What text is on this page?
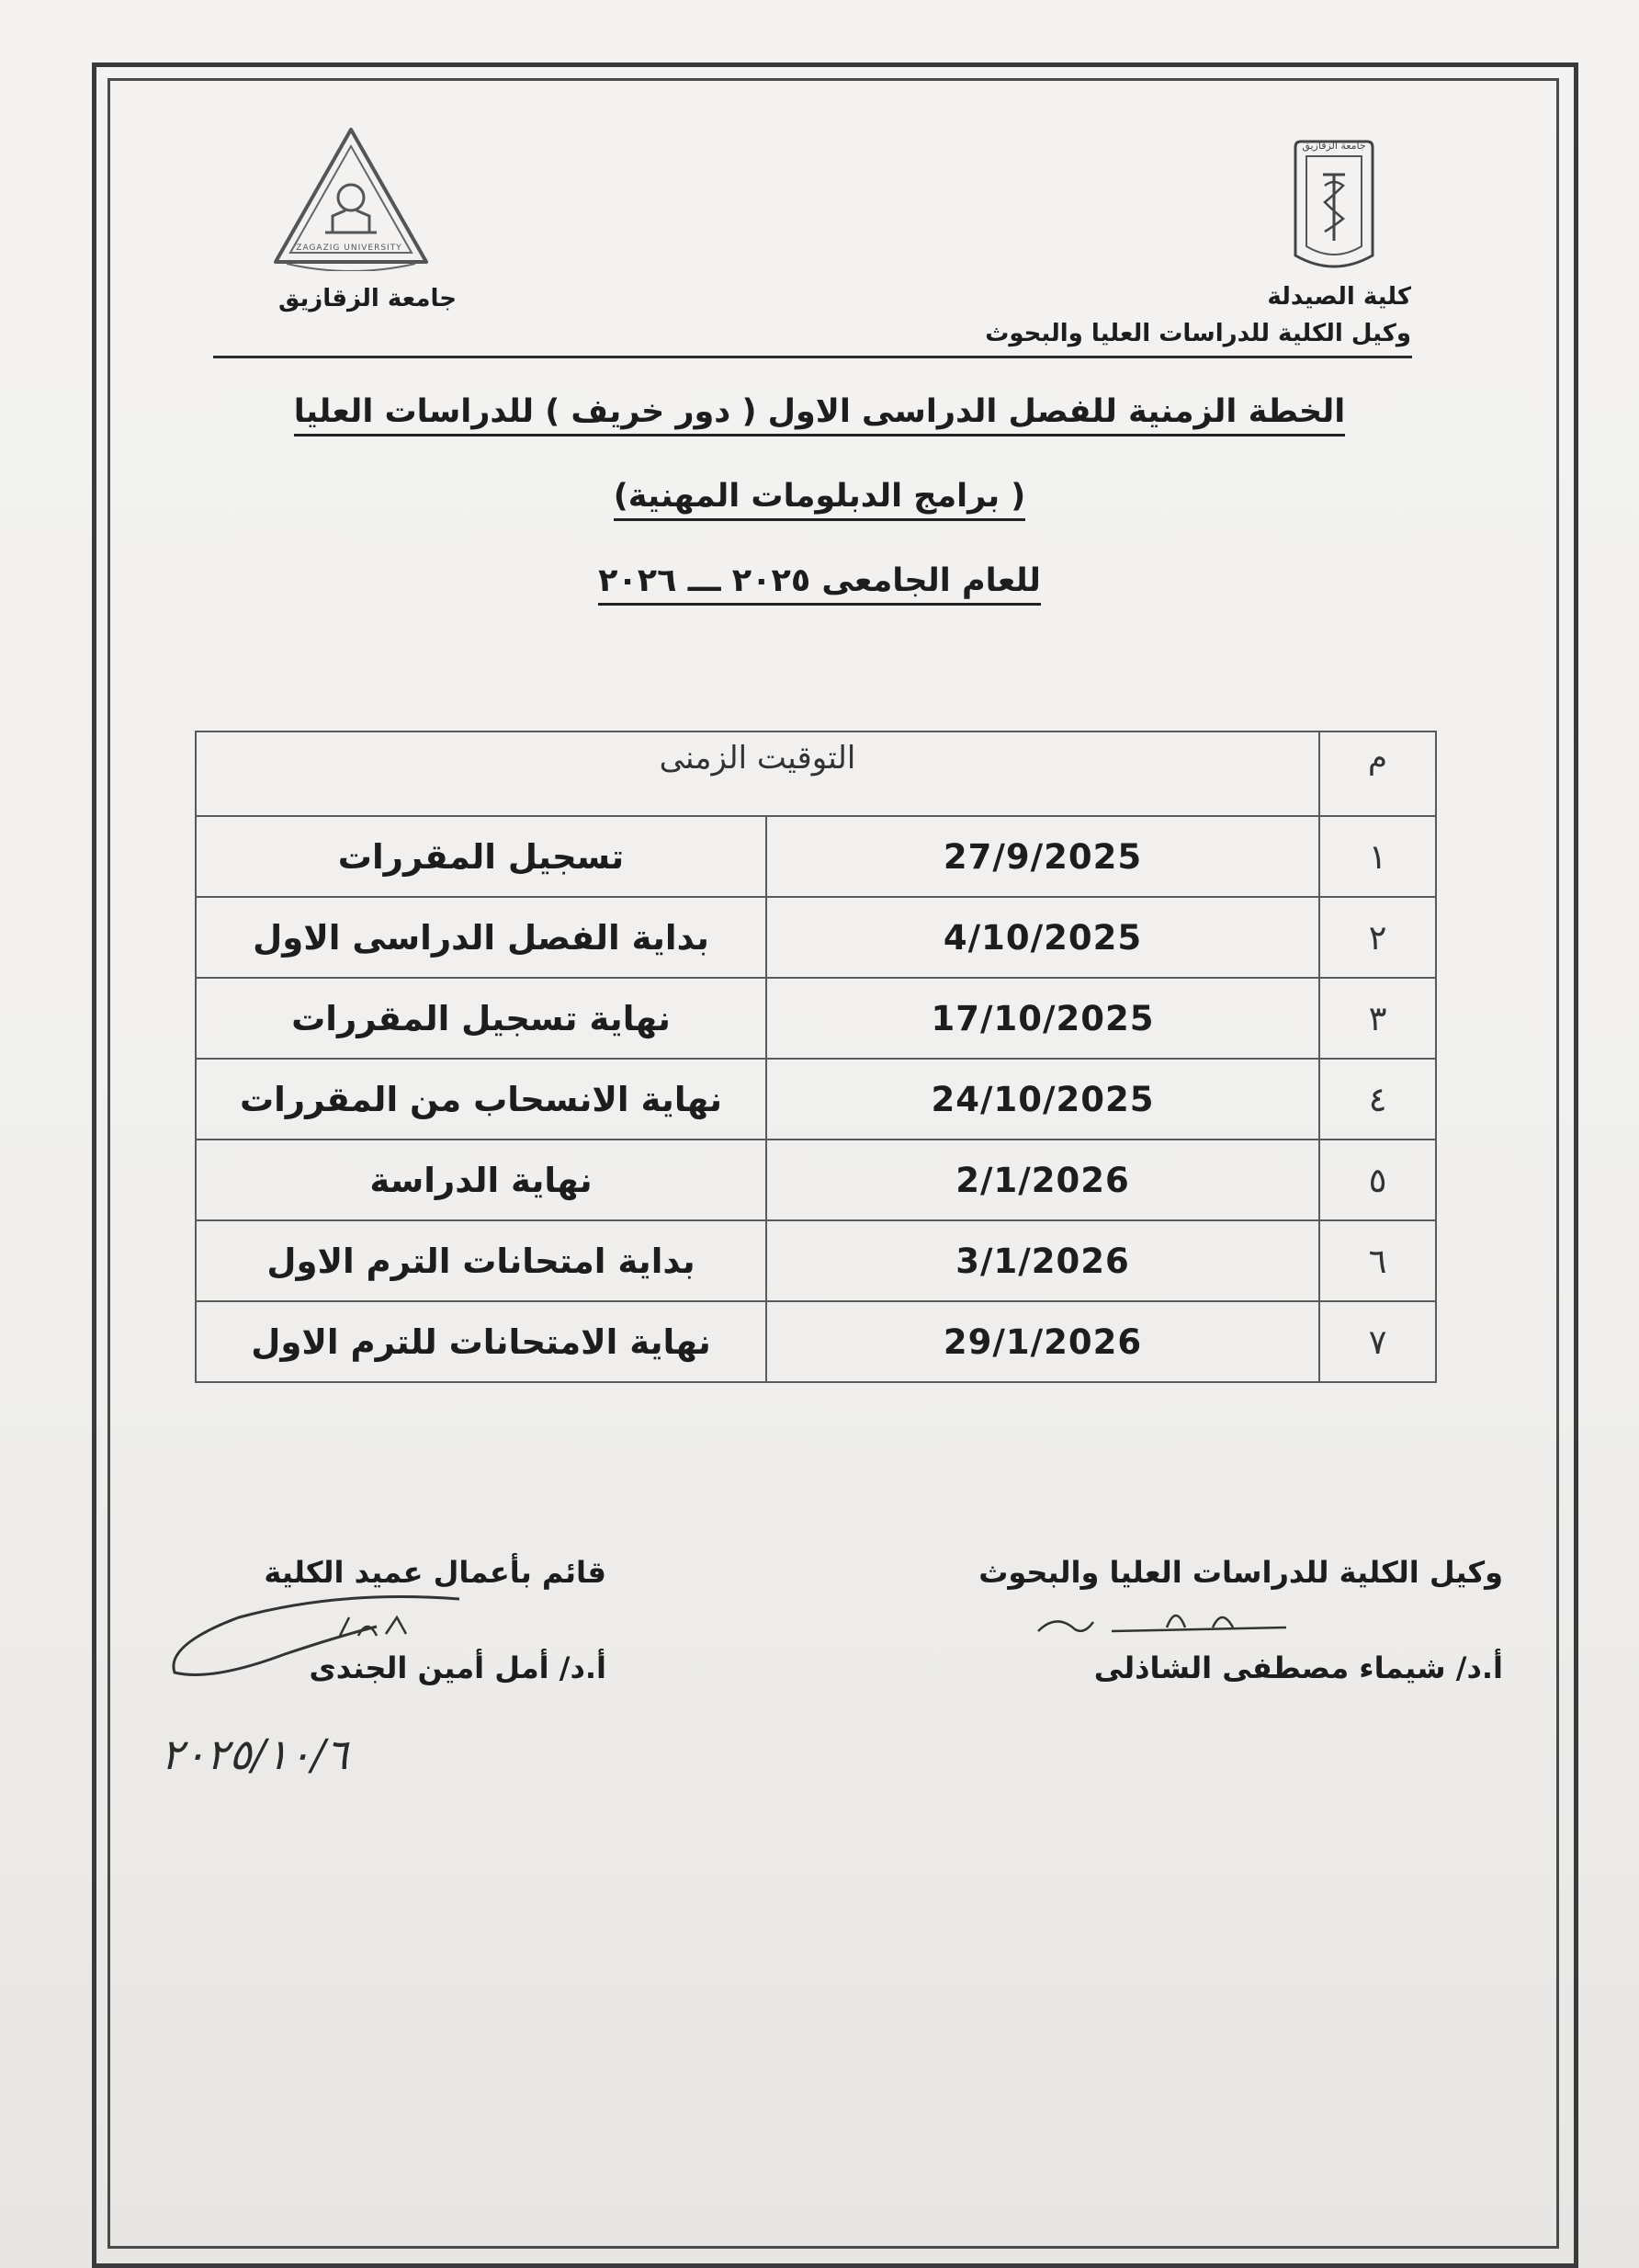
جامعة الزقازيق
ZAGAZIG UNIVERSITY
جامعة الزقازيق	كلية الصيدلة
وكيل الكلية للدراسات العليا والبحوث
الخطة الزمنية للفصل الدراسى الاول ( دور خريف ) للدراسات العليا
( برامج الدبلومات المهنية)
للعام الجامعى ٢٠٢٥ ـــ ٢٠٢٦
م	التوقيت الزمنى	
١	27/9/2025	تسجيل المقررات
٢	4/10/2025	بداية الفصل الدراسى الاول
٣	17/10/2025	نهاية تسجيل المقررات
٤	24/10/2025	نهاية الانسحاب من المقررات
٥	2/1/2026	نهاية الدراسة
٦	3/1/2026	بداية امتحانات الترم الاول
٧	29/1/2026	نهاية الامتحانات للترم الاول
وكيل الكلية للدراسات العليا والبحوث
أ.د/ شيماء مصطفى الشاذلى
قائم بأعمال عميد الكلية
أ.د/ أمل أمين الجندى
٢٠٢٥/١٠/٦
